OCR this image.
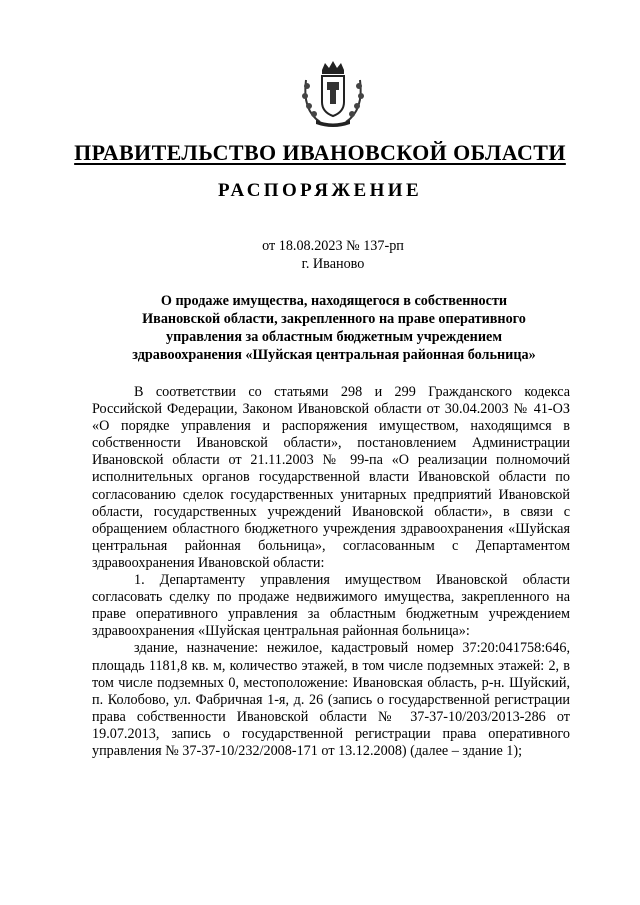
ПРАВИТЕЛЬСТВО ИВАНОВСКОЙ ОБЛАСТИ
РАСПОРЯЖЕНИЕ
от 18.08.2023 № 137-рп
г. Иваново
О продаже имущества, находящегося в собственности
Ивановской области, закрепленного на праве оперативного
управления за областным бюджетным учреждением
здравоохранения «Шуйская центральная районная больница»

В соответствии со статьями 298 и 299 Гражданского кодекса Российской Федерации, Законом Ивановской области от 30.04.2003 № 41-ОЗ «О порядке управления и распоряжения имуществом, находящимся в собственности Ивановской области», постановлением Администрации Ивановской области от 21.11.2003 № 99-па «О реализации полномочий исполнительных органов государственной власти Ивановской области по согласованию сделок государственных унитарных предприятий Ивановской области, государственных учреждений Ивановской области», в связи с обращением областного бюджетного учреждения здравоохранения «Шуйская центральная районная больница», согласованным с Департаментом здравоохранения Ивановской области:

1. Департаменту управления имуществом Ивановской области согласовать сделку по продаже недвижимого имущества, закрепленного на праве оперативного управления за областным бюджетным учреждением здравоохранения «Шуйская центральная районная больница»:

здание, назначение: нежилое, кадастровый номер 37:20:041758:646, площадь 1181,8 кв. м, количество этажей, в том числе подземных этажей: 2, в том числе подземных 0, местоположение: Ивановская область, р-н. Шуйский, п. Колобово, ул. Фабричная 1-я, д. 26 (запись о государственной регистрации права собственности Ивановской области № 37-37-10/203/2013-286 от 19.07.2013, запись о государственной регистрации права оперативного управления № 37-37-10/232/2008-171 от 13.12.2008) (далее – здание 1);
